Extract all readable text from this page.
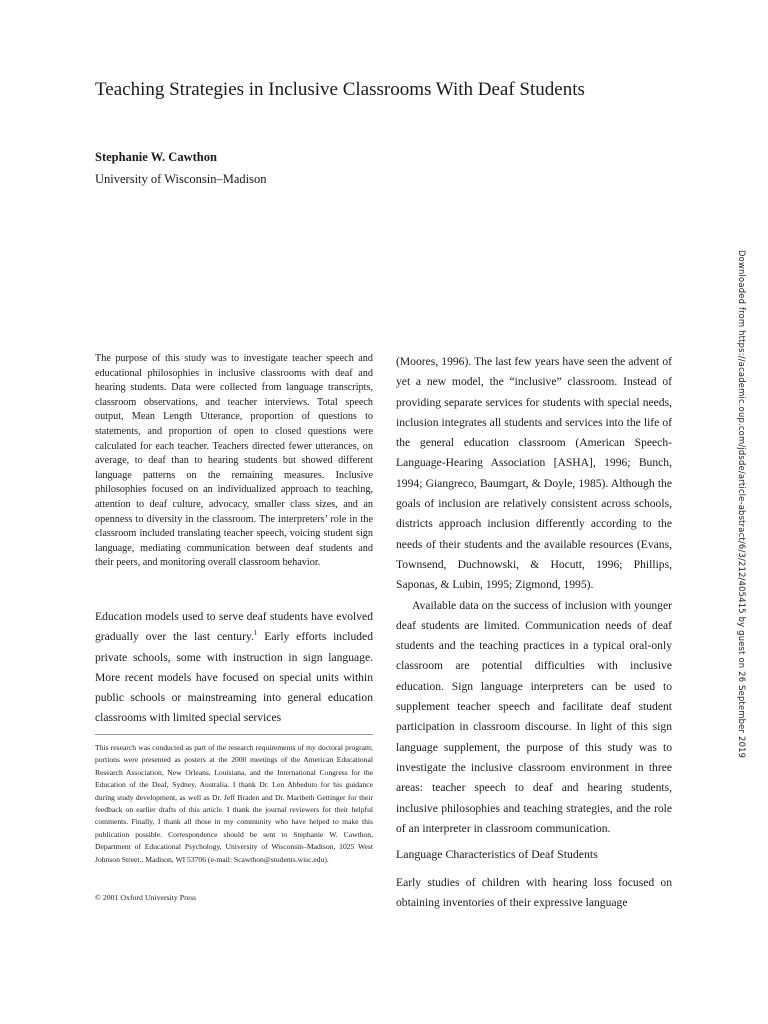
Teaching Strategies in Inclusive Classrooms With Deaf Students

Stephanie W. Cawthon

University of Wisconsin–Madison

The purpose of this study was to investigate teacher speech and educational philosophies in inclusive classrooms with deaf and hearing students. Data were collected from language transcripts, classroom observations, and teacher interviews. Total speech output, Mean Length Utterance, proportion of questions to statements, and proportion of open to closed questions were calculated for each teacher. Teachers directed fewer utterances, on average, to deaf than to hearing students but showed different language patterns on the remaining measures. Inclusive philosophies focused on an individualized approach to teaching, attention to deaf culture, advocacy, smaller class sizes, and an openness to diversity in the classroom. The interpreters’ role in the classroom included translating teacher speech, voicing student sign language, mediating communication between deaf students and their peers, and monitoring overall classroom behavior.
Education models used to serve deaf students have evolved gradually over the last century.$^1$ Early efforts included private schools, some with instruction in sign language. More recent models have focused on special units within public schools or mainstreaming into general education classrooms with limited special services
This research was conducted as part of the research requirements of my doctoral program; portions were presented as posters at the 2000 meetings of the American Educational Research Association, New Orleans, Louisiana, and the International Congress for the Education of the Deaf, Sydney, Australia. I thank Dr. Len Abbeduto for his guidance during study development, as well as Dr. Jeff Braden and Dr. Maribeth Gettinger for their feedback on earlier drafts of this article. I thank the journal reviewers for their helpful comments. Finally, I thank all those in my community who have helped to make this publication possible. Correspondence should be sent to Stephanie W. Cawthon, Department of Educational Psychology, University of Wisconsin–Madison, 1025 West Johnson Street., Madison, WI 53706 (e-mail: Scawthon@students.wisc.edu).

© 2001 Oxford University Press

(Moores, 1996). The last few years have seen the advent of yet a new model, the “inclusive” classroom. Instead of providing separate services for students with special needs, inclusion integrates all students and services into the life of the general education classroom (American Speech-Language-Hearing Association [ASHA], 1996; Bunch, 1994; Giangreco, Baumgart, & Doyle, 1985). Although the goals of inclusion are relatively consistent across schools, districts approach inclusion differently according to the needs of their students and the available resources (Evans, Townsend, Duchnowski, & Hocutt, 1996; Phillips, Saponas, & Lubin, 1995; Zigmond, 1995).

Available data on the success of inclusion with younger deaf students are limited. Communication needs of deaf students and the teaching practices in a typical oral-only classroom are potential difficulties with inclusive education. Sign language interpreters can be used to supplement teacher speech and facilitate deaf student participation in classroom discourse. In light of this sign language supplement, the purpose of this study was to investigate the inclusive classroom environment in three areas: teacher speech to deaf and hearing students, inclusive philosophies and teaching strategies, and the role of an interpreter in classroom communication.

Language Characteristics of Deaf Students
Early studies of children with hearing loss focused on obtaining inventories of their expressive language
Downloaded from https://academic.oup.com/jdsde/article-abstract/6/3/212/405415 by guest on 26 September 2019
